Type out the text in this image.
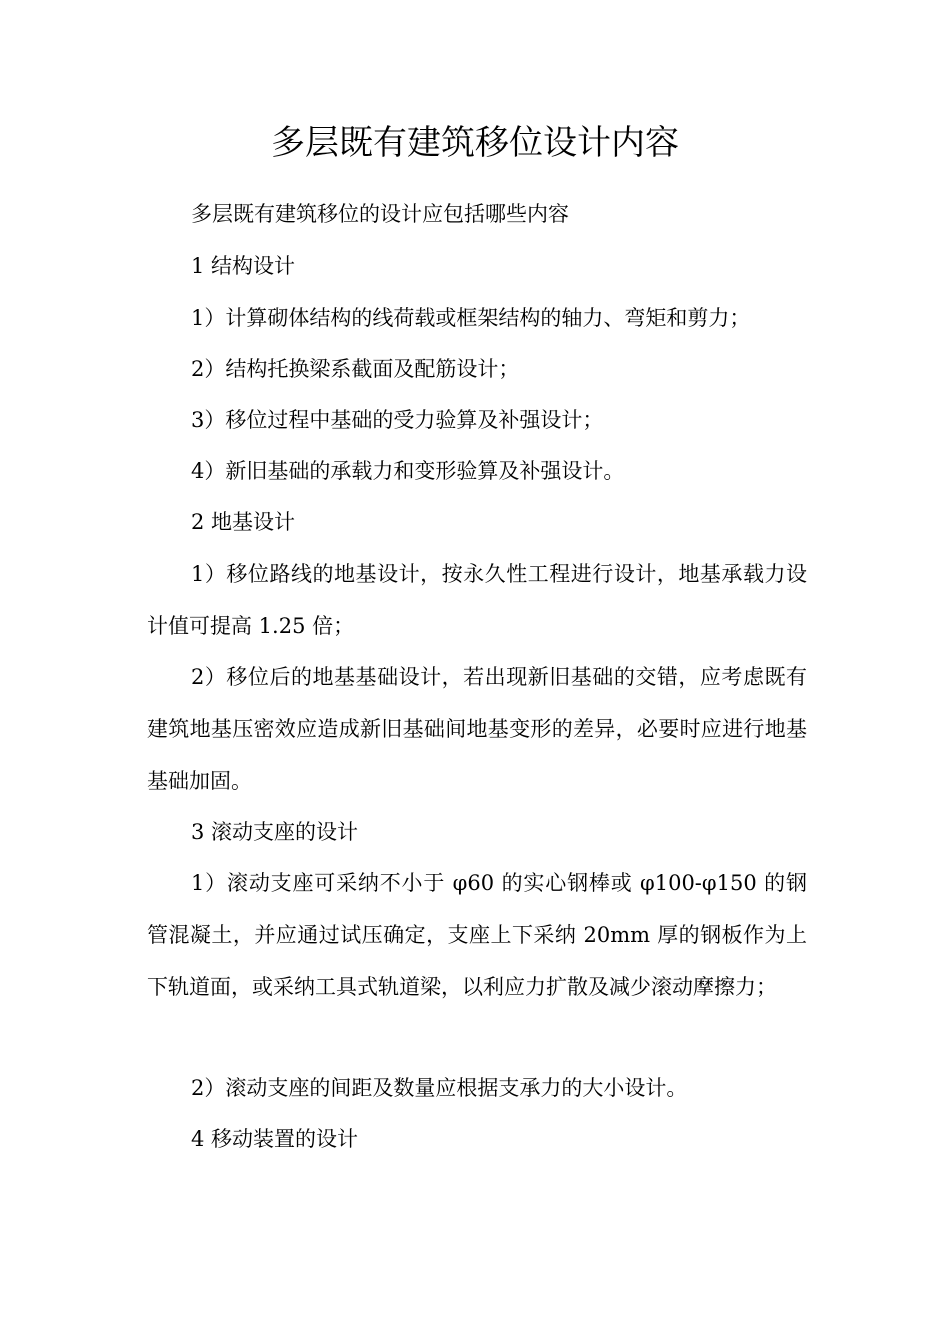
多层既有建筑移位设计内容

多层既有建筑移位的设计应包括哪些内容

1 结构设计

1）计算砌体结构的线荷载或框架结构的轴力、弯矩和剪力；

2）结构托换梁系截面及配筋设计；

3）移位过程中基础的受力验算及补强设计；

4）新旧基础的承载力和变形验算及补强设计。

2 地基设计

1）移位路线的地基设计，按永久性工程进行设计，地基承载力设计值可提高 1.25 倍；

2）移位后的地基基础设计，若出现新旧基础的交错，应考虑既有建筑地基压密效应造成新旧基础间地基变形的差异，必要时应进行地基基础加固。

3 滚动支座的设计

1）滚动支座可采纳不小于 φ60 的实心钢棒或 φ100-φ150 的钢管混凝土，并应通过试压确定，支座上下采纳 20mm 厚的钢板作为上下轨道面，或采纳工具式轨道梁，以利应力扩散及减少滚动摩擦力；

2）滚动支座的间距及数量应根据支承力的大小设计。

4 移动装置的设计
